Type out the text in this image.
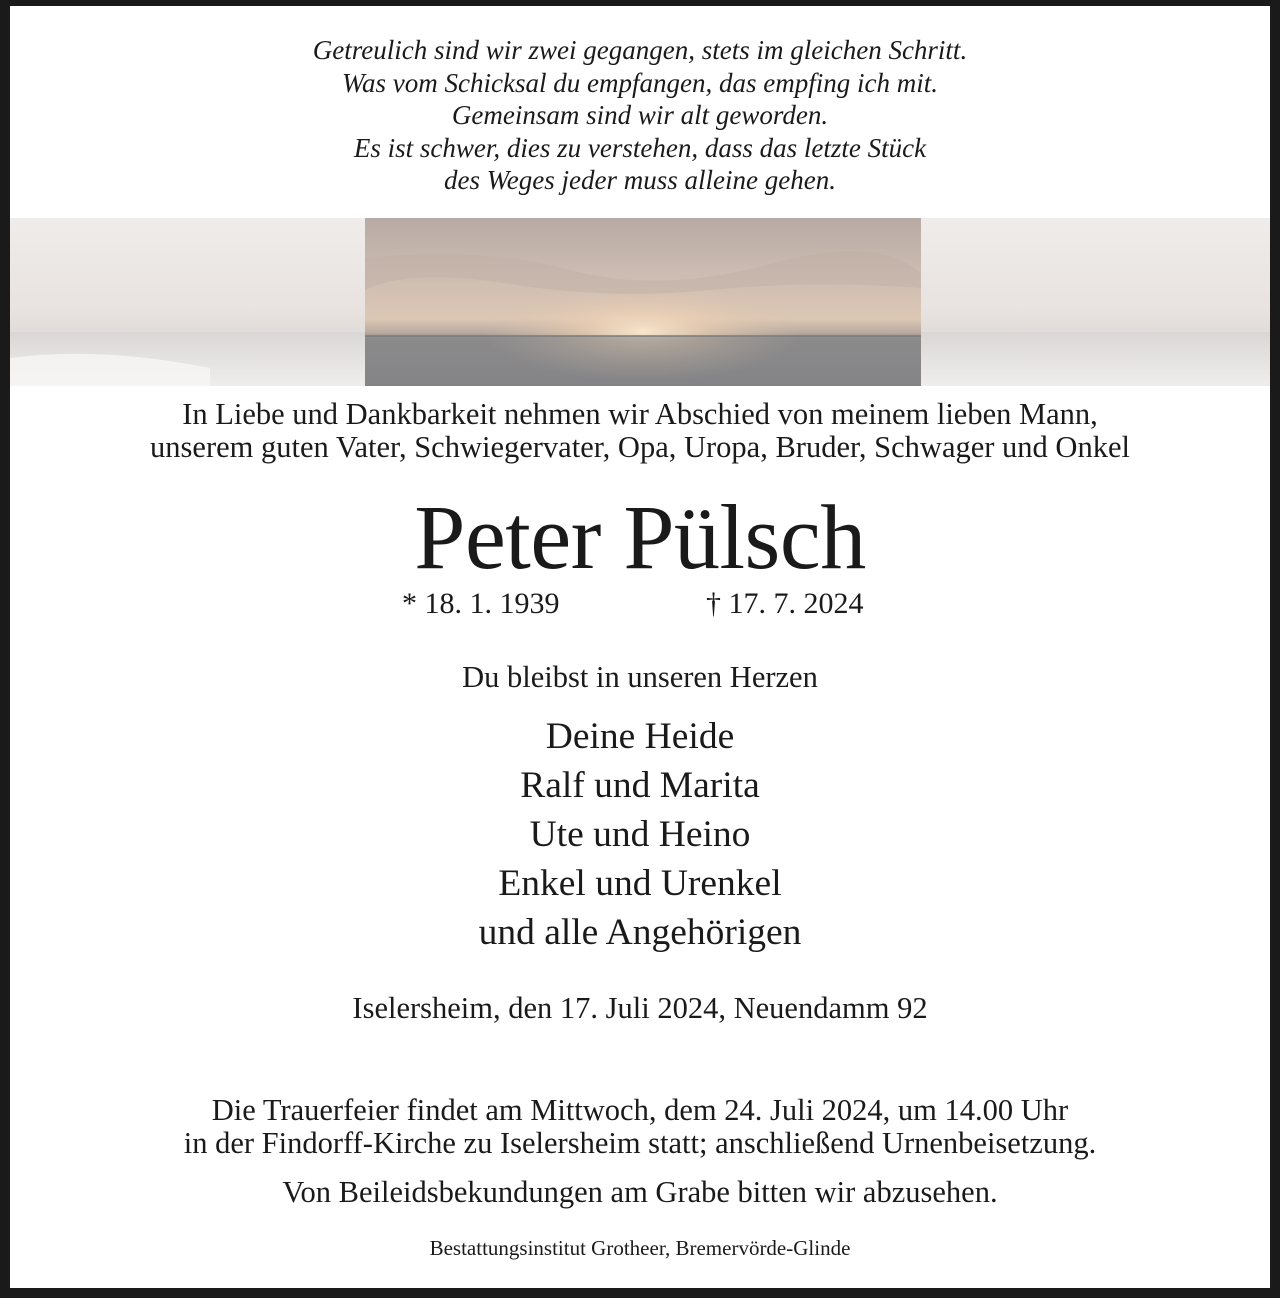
Getreulich sind wir zwei gegangen, stets im gleichen Schritt.
Was vom Schicksal du empfangen, das empfing ich mit.
Gemeinsam sind wir alt geworden.
Es ist schwer, dies zu verstehen, dass das letzte Stück
des Weges jeder muss alleine gehen.
In Liebe und Dankbarkeit nehmen wir Abschied von meinem lieben Mann,
unserem guten Vater, Schwiegervater, Opa, Uropa, Bruder, Schwager und Onkel
Peter Pülsch
* 18. 1. 1939	† 17. 7. 2024
Du bleibst in unseren Herzen
Deine Heide
Ralf und Marita
Ute und Heino
Enkel und Urenkel
und alle Angehörigen
Iselersheim, den 17. Juli 2024, Neuendamm 92
Die Trauerfeier findet am Mittwoch, dem 24. Juli 2024, um 14.00 Uhr
in der Findorff-Kirche zu Iselersheim statt; anschließend Urnenbeisetzung.
Von Beileidsbekundungen am Grabe bitten wir abzusehen.
Bestattungsinstitut Grotheer, Bremervörde-Glinde
